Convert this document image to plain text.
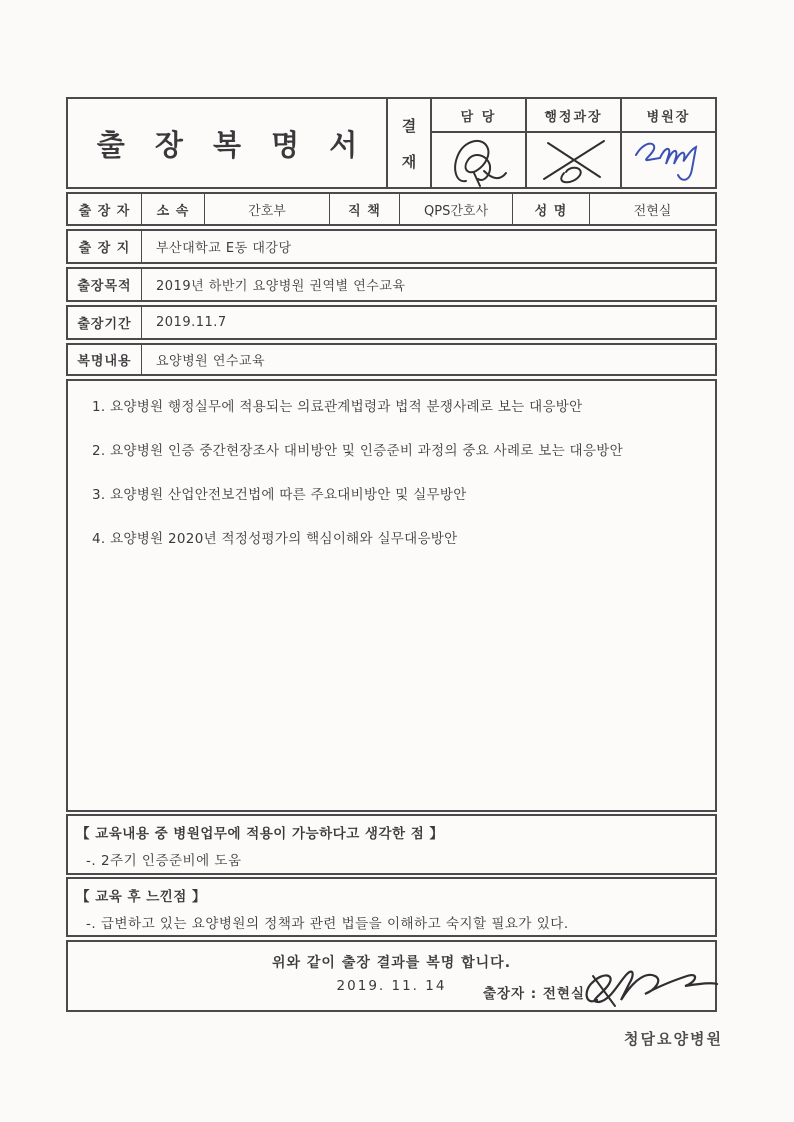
출 장 복 명 서
결
재
담 당	행정과장	병원장
출 장 자	소 속	간호부	직 책	QPS간호사	성 명	전현실
출 장 지	부산대학교 E동 대강당
출장목적	2019년 하반기 요양병원 권역별 연수교육
출장기간	2019.11.7
복명내용	요양병원 연수교육

1. 요양병원 행정실무에 적용되는 의료관계법령과 법적 분쟁사례로 보는 대응방안

2. 요양병원 인증 중간현장조사 대비방안 및 인증준비 과정의 중요 사례로 보는 대응방안

3. 요양병원 산업안전보건법에 따른 주요대비방안 및 실무방안

4. 요양병원 2020년 적정성평가의 핵심이해와 실무대응방안

【 교육내용 중 병원업무에 적용이 가능하다고 생각한 점 】
-. 2주기 인증준비에 도움
【 교육 후 느낀점 】
-. 급변하고 있는 요양병원의 정책과 관련 법들을 이해하고 숙지할 필요가 있다.
위와 같이 출장 결과를 복명 합니다.
2019. 11. 14	출장자 : 전현실
청담요양병원
